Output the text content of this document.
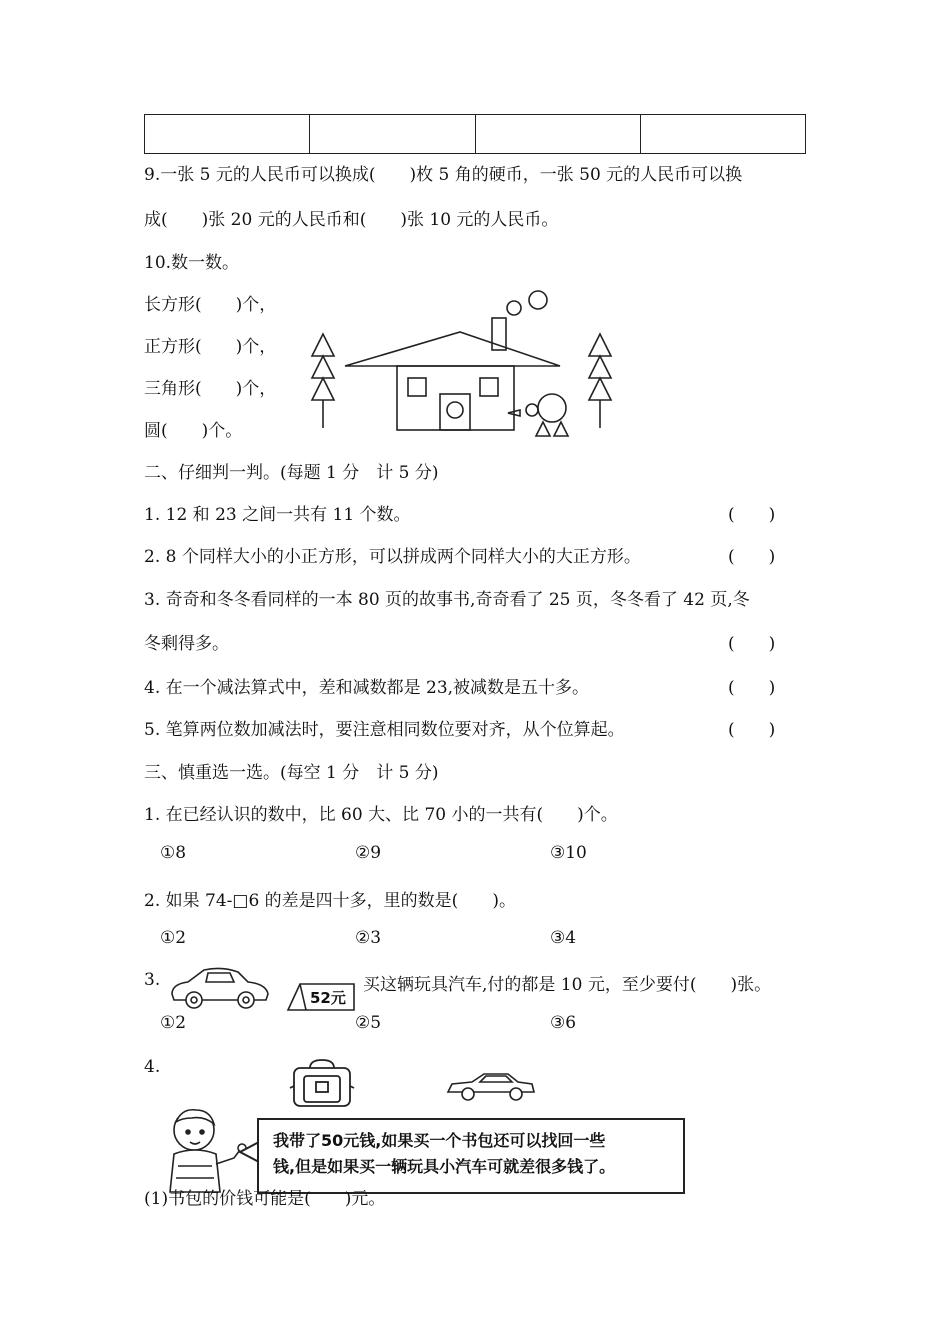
9.一张 5 元的人民币可以换成(　　)枚 5 角的硬币，一张 50 元的人民币可以换
成(　　)张 20 元的人民币和(　　)张 10 元的人民币。
10.数一数。
长方形(　　)个，
正方形(　　)个，
三角形(　　)个，
圆(　　)个。
二、仔细判一判。(每题 1 分　计 5 分)
1. 12 和 23 之间一共有 11 个数。	(　　)
2. 8 个同样大小的小正方形，可以拼成两个同样大小的大正方形。	(　　)
3. 奇奇和冬冬看同样的一本 80 页的故事书,奇奇看了 25 页，冬冬看了 42 页,冬
冬剩得多。	(　　)
4. 在一个减法算式中，差和减数都是 23,被减数是五十多。	(　　)
5. 笔算两位数加减法时，要注意相同数位要对齐，从个位算起。	(　　)
三、慎重选一选。(每空 1 分　计 5 分)
1. 在已经认识的数中，比 60 大、比 70 小的一共有(　　)个。
①8	②9	③10
2. 如果 74-□6 的差是四十多，里的数是(　　)。
①2	②3	③4
3.
52元
买这辆玩具汽车,付的都是 10 元，至少要付(　　)张。
①2	②5	③6
4.
我带了50元钱,如果买一个书包还可以找回一些
钱,但是如果买一辆玩具小汽车可就差很多钱了。
(1)书包的价钱可能是(　　)元。
